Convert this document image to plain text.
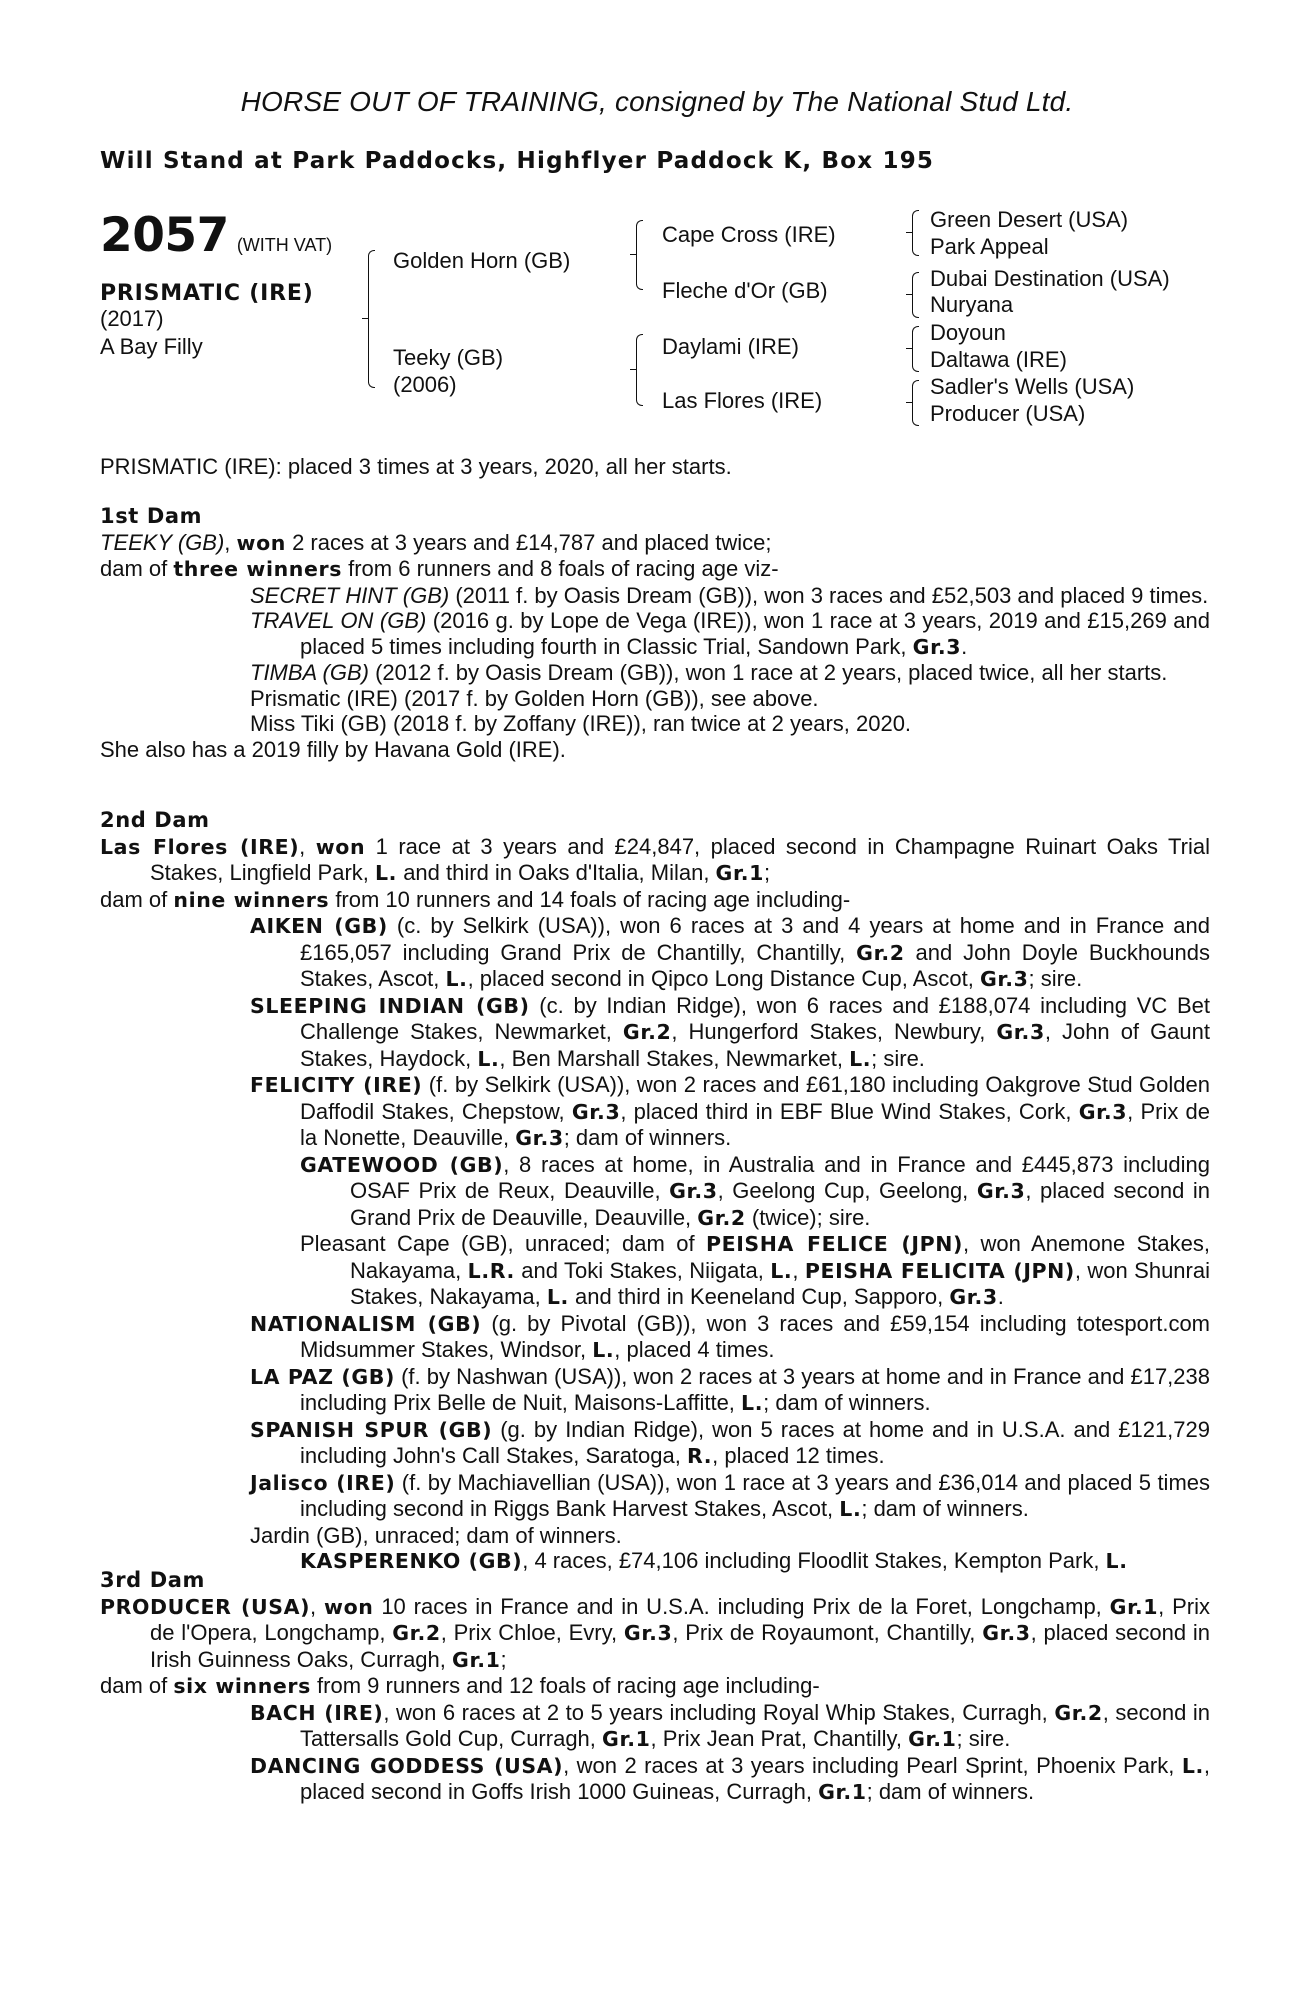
HORSE OUT OF TRAINING, consigned by The National Stud Ltd.
Will Stand at Park Paddocks, Highflyer Paddock K, Box 195
2057 (WITH VAT)
PRISMATIC (IRE)
(2017)
A Bay Filly
Golden Horn (GB)
Teeky (GB)
(2006)
Cape Cross (IRE)
Fleche d'Or (GB)
Daylami (IRE)
Las Flores (IRE)
Green Desert (USA)
Park Appeal
Dubai Destination (USA)
Nuryana
Doyoun
Daltawa (IRE)
Sadler's Wells (USA)
Producer (USA)
PRISMATIC (IRE): placed 3 times at 3 years, 2020, all her starts.

1st Dam

TEEKY (GB), won 2 races at 3 years and £14,787 and placed twice;

dam of three winners from 6 runners and 8 foals of racing age viz-

SECRET HINT (GB) (2011 f. by Oasis Dream (GB)), won 3 races and £52,503 and placed 9 times.

TRAVEL ON (GB) (2016 g. by Lope de Vega (IRE)), won 1 race at 3 years, 2019 and £15,269 and placed 5 times including fourth in Classic Trial, Sandown Park, Gr.3.

TIMBA (GB) (2012 f. by Oasis Dream (GB)), won 1 race at 2 years, placed twice, all her starts.

Prismatic (IRE) (2017 f. by Golden Horn (GB)), see above.

Miss Tiki (GB) (2018 f. by Zoffany (IRE)), ran twice at 2 years, 2020.

She also has a 2019 filly by Havana Gold (IRE).

2nd Dam

Las Flores (IRE), won 1 race at 3 years and £24,847, placed second in Champagne Ruinart Oaks Trial Stakes, Lingfield Park, L. and third in Oaks d'Italia, Milan, Gr.1;

dam of nine winners from 10 runners and 14 foals of racing age including-

AIKEN (GB) (c. by Selkirk (USA)), won 6 races at 3 and 4 years at home and in France and £165,057 including Grand Prix de Chantilly, Chantilly, Gr.2 and John Doyle Buckhounds Stakes, Ascot, L., placed second in Qipco Long Distance Cup, Ascot, Gr.3; sire.

SLEEPING INDIAN (GB) (c. by Indian Ridge), won 6 races and £188,074 including VC Bet Challenge Stakes, Newmarket, Gr.2, Hungerford Stakes, Newbury, Gr.3, John of Gaunt Stakes, Haydock, L., Ben Marshall Stakes, Newmarket, L.; sire.

FELICITY (IRE) (f. by Selkirk (USA)), won 2 races and £61,180 including Oakgrove Stud Golden Daffodil Stakes, Chepstow, Gr.3, placed third in EBF Blue Wind Stakes, Cork, Gr.3, Prix de la Nonette, Deauville, Gr.3; dam of winners.

GATEWOOD (GB), 8 races at home, in Australia and in France and £445,873 including OSAF Prix de Reux, Deauville, Gr.3, Geelong Cup, Geelong, Gr.3, placed second in Grand Prix de Deauville, Deauville, Gr.2 (twice); sire.

Pleasant Cape (GB), unraced; dam of PEISHA FELICE (JPN), won Anemone Stakes, Nakayama, L.R. and Toki Stakes, Niigata, L., PEISHA FELICITA (JPN), won Shunrai Stakes, Nakayama, L. and third in Keeneland Cup, Sapporo, Gr.3.

NATIONALISM (GB) (g. by Pivotal (GB)), won 3 races and £59,154 including totesport.com Midsummer Stakes, Windsor, L., placed 4 times.

LA PAZ (GB) (f. by Nashwan (USA)), won 2 races at 3 years at home and in France and £17,238 including Prix Belle de Nuit, Maisons-Laffitte, L.; dam of winners.

SPANISH SPUR (GB) (g. by Indian Ridge), won 5 races at home and in U.S.A. and £121,729 including John's Call Stakes, Saratoga, R., placed 12 times.

Jalisco (IRE) (f. by Machiavellian (USA)), won 1 race at 3 years and £36,014 and placed 5 times including second in Riggs Bank Harvest Stakes, Ascot, L.; dam of winners.

Jardin (GB), unraced; dam of winners.

KASPERENKO (GB), 4 races, £74,106 including Floodlit Stakes, Kempton Park, L.

3rd Dam

PRODUCER (USA), won 10 races in France and in U.S.A. including Prix de la Foret, Longchamp, Gr.1, Prix de l'Opera, Longchamp, Gr.2, Prix Chloe, Evry, Gr.3, Prix de Royaumont, Chantilly, Gr.3, placed second in Irish Guinness Oaks, Curragh, Gr.1;

dam of six winners from 9 runners and 12 foals of racing age including-

BACH (IRE), won 6 races at 2 to 5 years including Royal Whip Stakes, Curragh, Gr.2, second in Tattersalls Gold Cup, Curragh, Gr.1, Prix Jean Prat, Chantilly, Gr.1; sire.

DANCING GODDESS (USA), won 2 races at 3 years including Pearl Sprint, Phoenix Park, L., placed second in Goffs Irish 1000 Guineas, Curragh, Gr.1; dam of winners.
